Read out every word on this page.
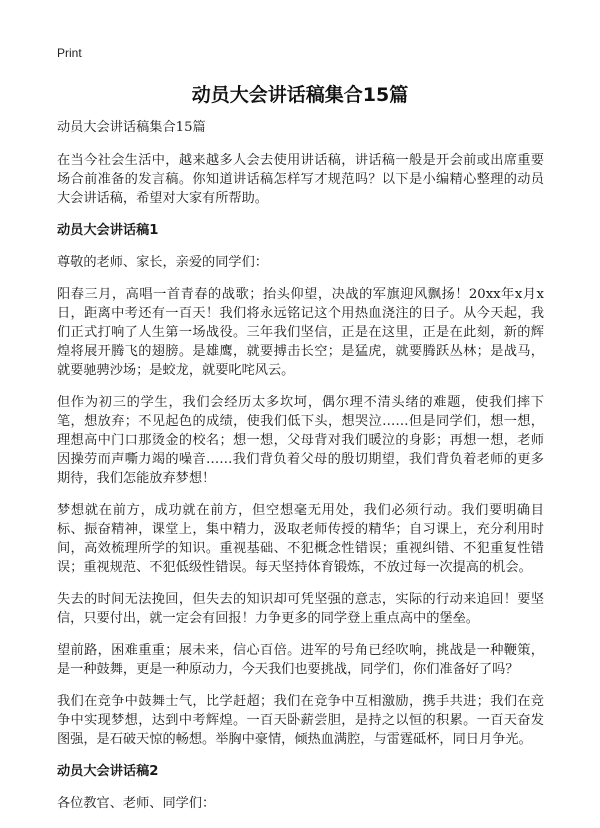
Print
动员大会讲话稿集合15篇

动员大会讲话稿集合15篇

在当今社会生活中，越来越多人会去使用讲话稿，讲话稿一般是开会前或出席重要场合前准备的发言稿。你知道讲话稿怎样写才规范吗？以下是小编精心整理的动员大会讲话稿，希望对大家有所帮助。

动员大会讲话稿1

尊敬的老师、家长，亲爱的同学们：

阳春三月，高唱一首青春的战歌；抬头仰望，决战的军旗迎风飘扬！20xx年x月x日，距离中考还有一百天！我们将永远铭记这个用热血浇注的日子。从今天起，我们正式打响了人生第一场战役。三年我们坚信，正是在这里，正是在此刻，新的辉煌将展开腾飞的翅膀。是雄鹰，就要搏击长空；是猛虎，就要腾跃丛林；是战马，就要驰骋沙场；是蛟龙，就要叱咤风云。

但作为初三的学生，我们会经历太多坎坷，偶尔理不清头绪的难题，使我们摔下笔，想放弃；不见起色的成绩，使我们低下头，想哭泣……但是同学们，想一想，理想高中门口那烫金的校名；想一想，父母背对我们暖泣的身影；再想一想，老师因操劳而声嘶力竭的噪音……我们背负着父母的殷切期望，我们背负着老师的更多期待，我们怎能放弃梦想！

梦想就在前方，成功就在前方，但空想毫无用处，我们必须行动。我们要明确目标、振奋精神，课堂上，集中精力，汲取老师传授的精华；自习课上，充分利用时间，高效梳理所学的知识。重视基础、不犯概念性错误；重视纠错、不犯重复性错误；重视规范、不犯低级性错误。每天坚持体育锻炼，不放过每一次提高的机会。

失去的时间无法挽回，但失去的知识却可凭坚强的意志，实际的行动来追回！要坚信，只要付出，就一定会有回报！力争更多的同学登上重点高中的堡垒。

望前路，困难重重；展未来，信心百倍。进军的号角已经吹响，挑战是一种鞭策，是一种鼓舞，更是一种原动力，今天我们也要挑战，同学们，你们准备好了吗？

我们在竞争中鼓舞士气，比学赶超；我们在竞争中互相激励，携手共进；我们在竞争中实现梦想，达到中考辉煌。一百天卧薪尝胆，是持之以恒的积累。一百天奋发图强，是石破天惊的畅想。举胸中豪情，倾热血满腔，与雷霆砥杯，同日月争光。

动员大会讲话稿2

各位教官、老师、同学们：
